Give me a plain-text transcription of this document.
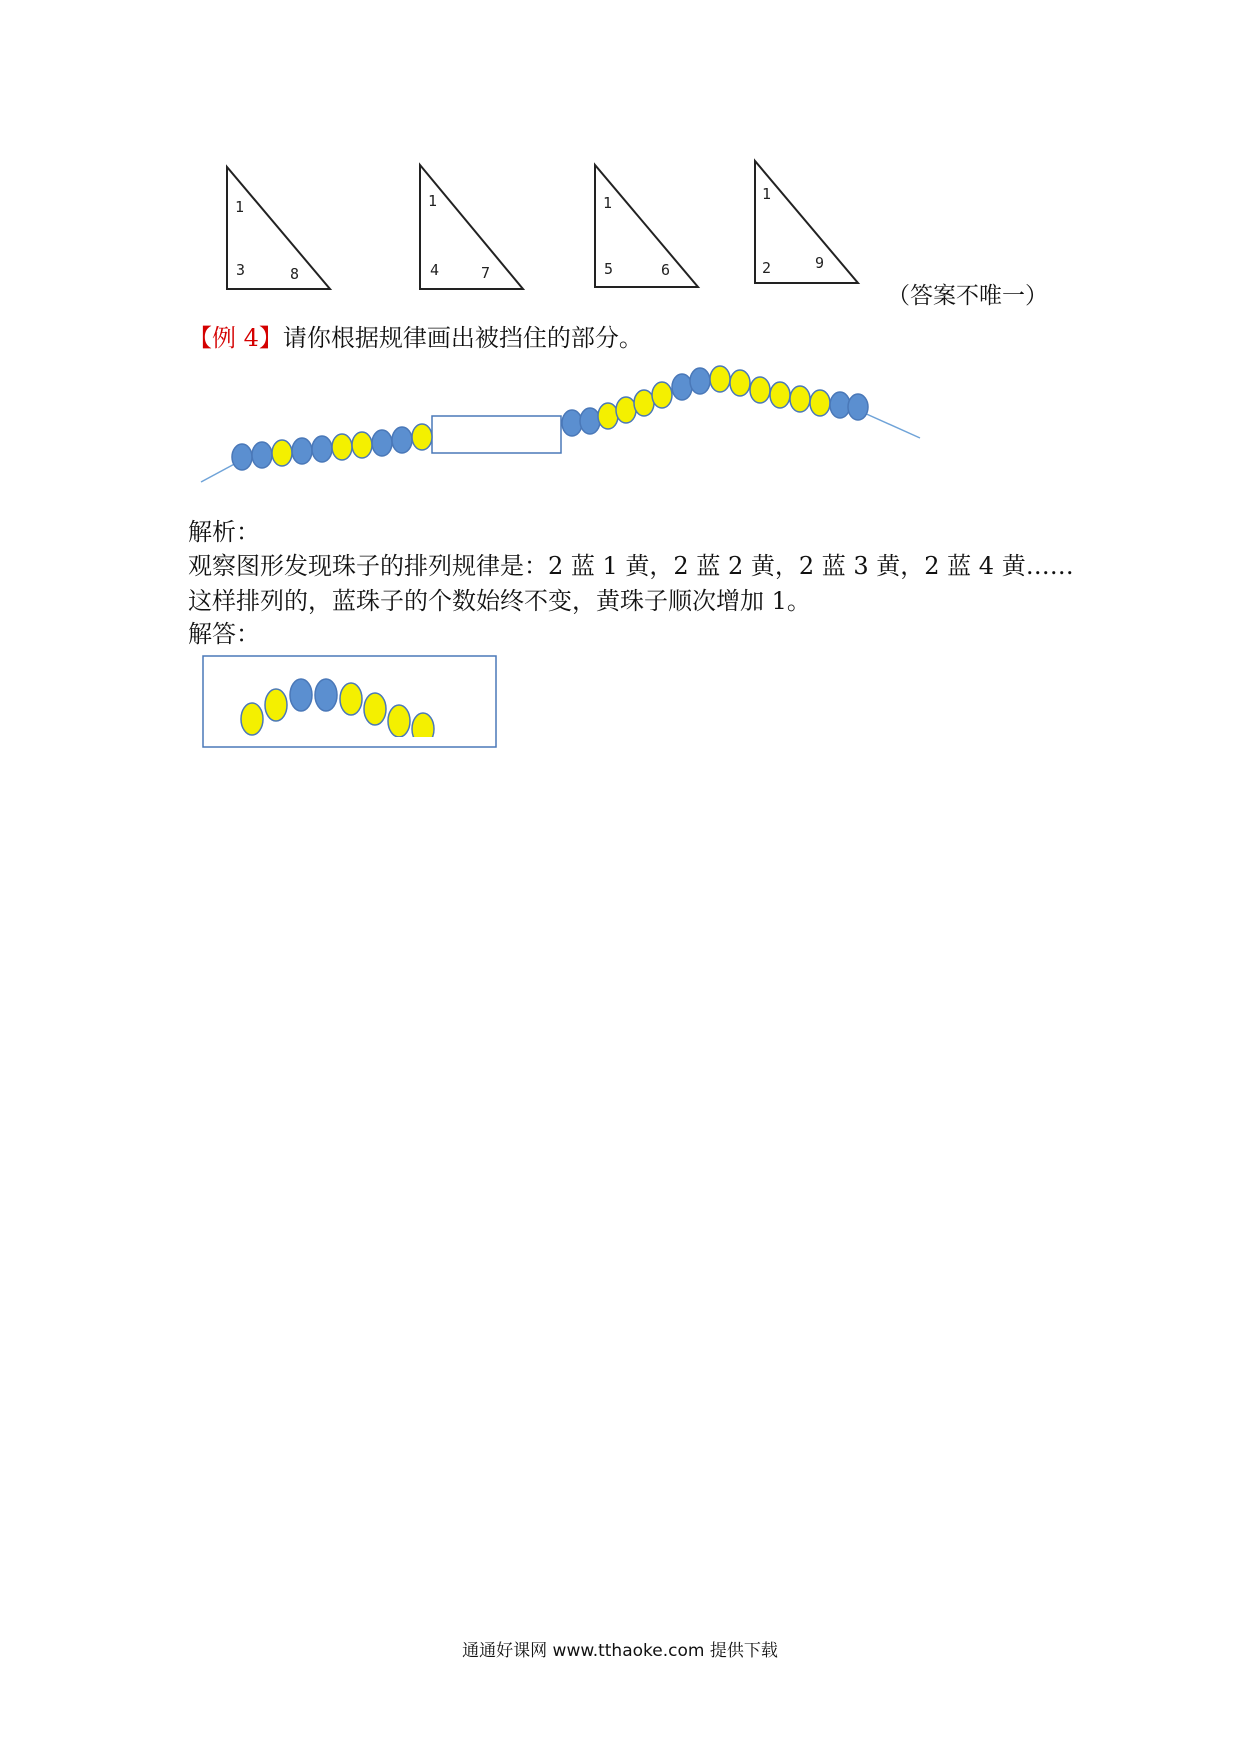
1
3	8
1
4	7
1
5	6
1
2	9
（答案不唯一）
【例 4】请你根据规律画出被挡住的部分。
解析：
观察图形发现珠子的排列规律是：2 蓝 1 黄，2 蓝 2 黄，2 蓝 3 黄，2 蓝 4 黄……
这样排列的，蓝珠子的个数始终不变，黄珠子顺次增加 1。
解答：
通通好课网 www.tthaoke.com 提供下载
